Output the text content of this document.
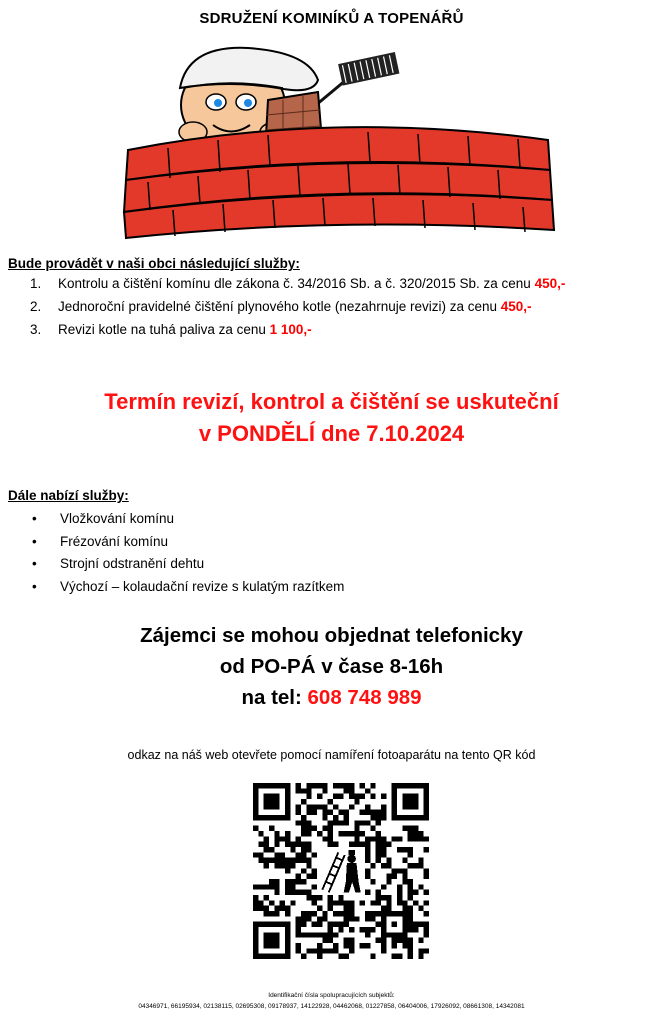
SDRUŽENÍ KOMINÍKŮ A TOPENÁŘŮ
Bude provádět v naši obci následující služby:
1. Kontrolu a čištění komínu dle zákona č. 34/2016 Sb. a č. 320/2015 Sb. za cenu 450,-
2. Jednoroční pravidelné čištění plynového kotle (nezahrnuje revizi) za cenu 450,-
3. Revizi kotle na tuhá paliva za cenu 1 100,-
Termín revizí, kontrol a čištění se uskuteční
v PONDĚLÍ dne 7.10.2024
Dále nabízí služby:
• Vložkování komínu
• Frézování komínu
• Strojní odstranění dehtu
• Výchozí – kolaudační revize s kulatým razítkem
Zájemci se mohou objednat telefonicky
od PO-PÁ v čase 8-16h
na tel: 608 748 989
odkaz na náš web otevřete pomocí namíření fotoaparátu na tento QR kód
Identifikační čísla spolupracujících subjektů:
04346971, 66195934, 02138115, 02695308, 09178937, 14122928, 04462068, 01227858, 06404006, 17926092, 08661308, 14342081
